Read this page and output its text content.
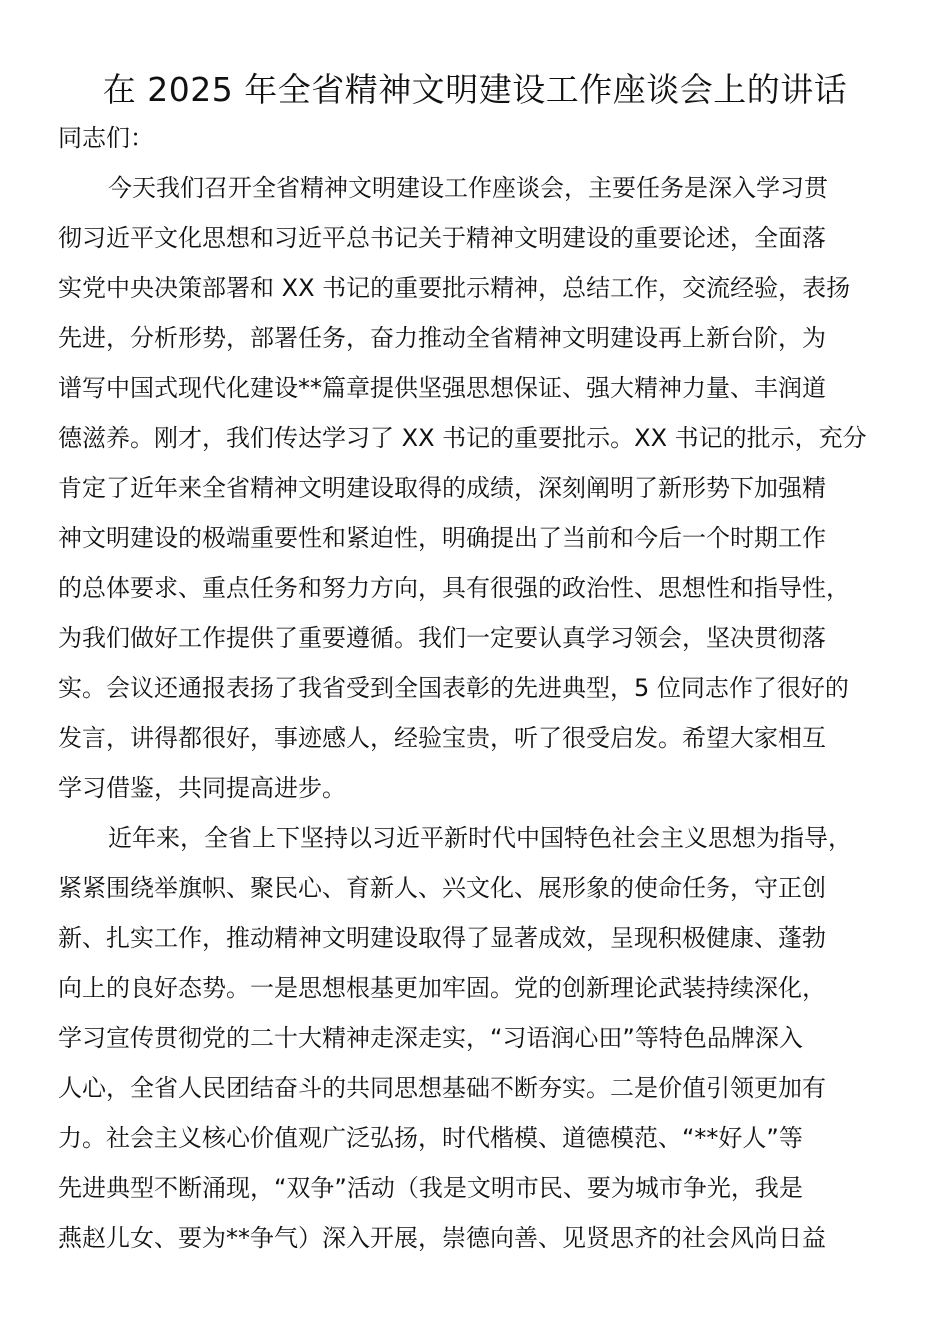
在 2025 年全省精神文明建设工作座谈会上的讲话

同志们：

今天我们召开全省精神文明建设工作座谈会，主要任务是深入学习贯
彻习近平文化思想和习近平总书记关于精神文明建设的重要论述，全面落
实党中央决策部署和 XX 书记的重要批示精神，总结工作，交流经验，表扬
先进，分析形势，部署任务，奋力推动全省精神文明建设再上新台阶，为
谱写中国式现代化建设**篇章提供坚强思想保证、强大精神力量、丰润道
德滋养。刚才，我们传达学习了 XX 书记的重要批示。XX 书记的批示，充分
肯定了近年来全省精神文明建设取得的成绩，深刻阐明了新形势下加强精
神文明建设的极端重要性和紧迫性，明确提出了当前和今后一个时期工作
的总体要求、重点任务和努力方向，具有很强的政治性、思想性和指导性，
为我们做好工作提供了重要遵循。我们一定要认真学习领会，坚决贯彻落
实。会议还通报表扬了我省受到全国表彰的先进典型，5 位同志作了很好的
发言，讲得都很好，事迹感人，经验宝贵，听了很受启发。希望大家相互
学习借鉴，共同提高进步。
近年来，全省上下坚持以习近平新时代中国特色社会主义思想为指导，
紧紧围绕举旗帜、聚民心、育新人、兴文化、展形象的使命任务，守正创
新、扎实工作，推动精神文明建设取得了显著成效，呈现积极健康、蓬勃
向上的良好态势。一是思想根基更加牢固。党的创新理论武装持续深化，
学习宣传贯彻党的二十大精神走深走实，“习语润心田”等特色品牌深入
人心，全省人民团结奋斗的共同思想基础不断夯实。二是价值引领更加有
力。社会主义核心价值观广泛弘扬，时代楷模、道德模范、“**好人”等
先进典型不断涌现，“双争”活动（我是文明市民、要为城市争光，我是
燕赵儿女、要为**争气）深入开展，崇德向善、见贤思齐的社会风尚日益
